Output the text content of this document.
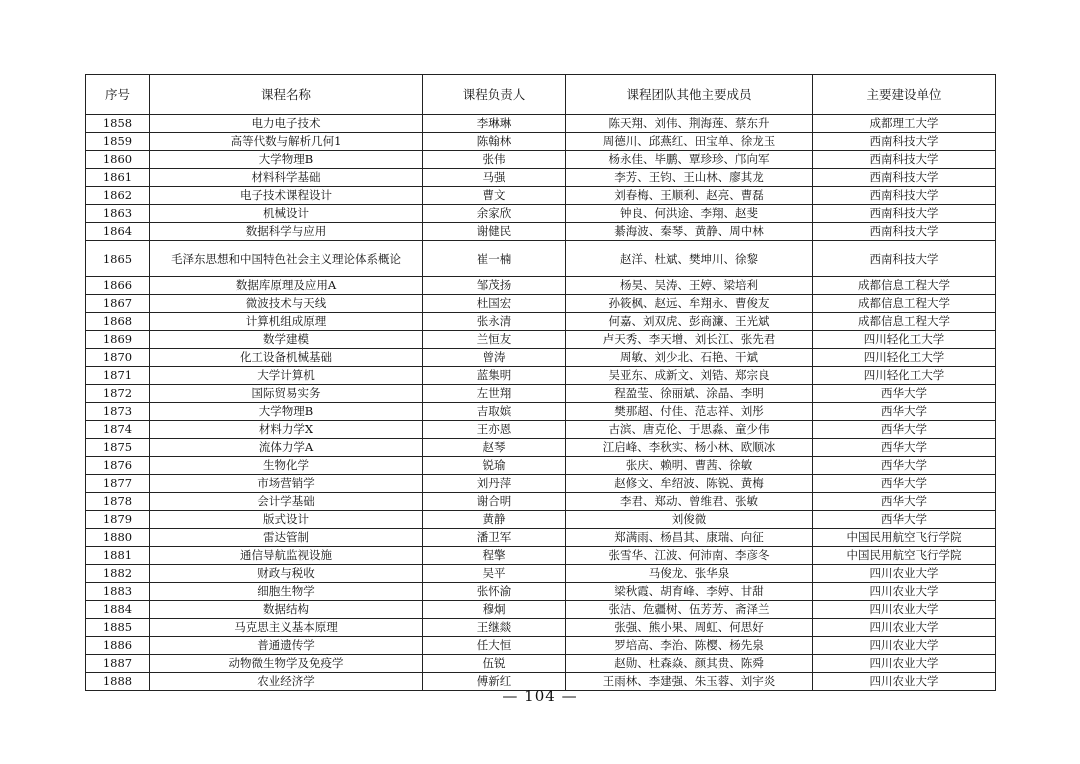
序号	课程名称	课程负责人	课程团队其他主要成员	主要建设单位
1858	电力电子技术	李琳琳	陈天翔、刘伟、荆海莲、蔡东升	成都理工大学
1859	高等代数与解析几何1	陈翰林	周德川、邱燕红、田宝单、徐龙玉	西南科技大学
1860	大学物理B	张伟	杨永佳、毕鹏、覃珍珍、邝向军	西南科技大学
1861	材料科学基础	马强	李芳、王钧、王山林、廖其龙	西南科技大学
1862	电子技术课程设计	曹文	刘春梅、王顺利、赵亮、曹磊	西南科技大学
1863	机械设计	余家欣	钟良、何洪途、李翔、赵斐	西南科技大学
1864	数据科学与应用	谢健民	綦海波、秦琴、黄静、周中林	西南科技大学
1865	毛泽东思想和中国特色社会主义理论体系概论	崔一楠	赵洋、杜斌、樊坤川、徐黎	西南科技大学
1866	数据库原理及应用A	邹茂扬	杨昊、吴涛、王婷、梁培利	成都信息工程大学
1867	微波技术与天线	杜国宏	孙筱枫、赵远、牟翔永、曹俊友	成都信息工程大学
1868	计算机组成原理	张永清	何嘉、刘双虎、彭商濂、王光斌	成都信息工程大学
1869	数学建模	兰恒友	卢天秀、李天增、刘长江、张先君	四川轻化工大学
1870	化工设备机械基础	曾涛	周敏、刘少北、石艳、干斌	四川轻化工大学
1871	大学计算机	蓝集明	吴亚东、成新文、刘锆、郑宗良	四川轻化工大学
1872	国际贸易实务	左世翔	程盈莹、徐丽斌、涂晶、李明	西华大学
1873	大学物理B	吉取嫔	樊那超、付佳、范志祥、刘彤	西华大学
1874	材料力学X	王亦恩	古滨、唐克伦、于思淼、童少伟	西华大学
1875	流体力学A	赵琴	江启峰、李秋实、杨小林、欧顺冰	西华大学
1876	生物化学	锐瑜	张庆、赖明、曹茜、徐敏	西华大学
1877	市场营销学	刘丹萍	赵修文、牟绍波、陈锐、黄梅	西华大学
1878	会计学基础	谢合明	李君、郑动、曾维君、张敏	西华大学
1879	版式设计	黄静	刘俊微	西华大学
1880	雷达管制	潘卫军	郑满雨、杨昌其、康瑞、向征	中国民用航空飞行学院
1881	通信导航监视设施	程擎	张雪华、江波、何沛南、李彦冬	中国民用航空飞行学院
1882	财政与税收	吴平	马俊龙、张华泉	四川农业大学
1883	细胞生物学	张怀渝	梁秋霞、胡育峰、李婷、甘甜	四川农业大学
1884	数据结构	穆炯	张洁、危疆树、伍芳芳、斋泽兰	四川农业大学
1885	马克思主义基本原理	王继燚	张强、熊小果、周虹、何思好	四川农业大学
1886	普通遗传学	任大恒	罗培高、李治、陈樱、杨先泉	四川农业大学
1887	动物微生物学及免疫学	伍锐	赵勋、杜森焱、颜其贵、陈舜	四川农业大学
1888	农业经济学	傅新红	王雨林、李建强、朱玉蓉、刘宇炎	四川农业大学
— 104 —
